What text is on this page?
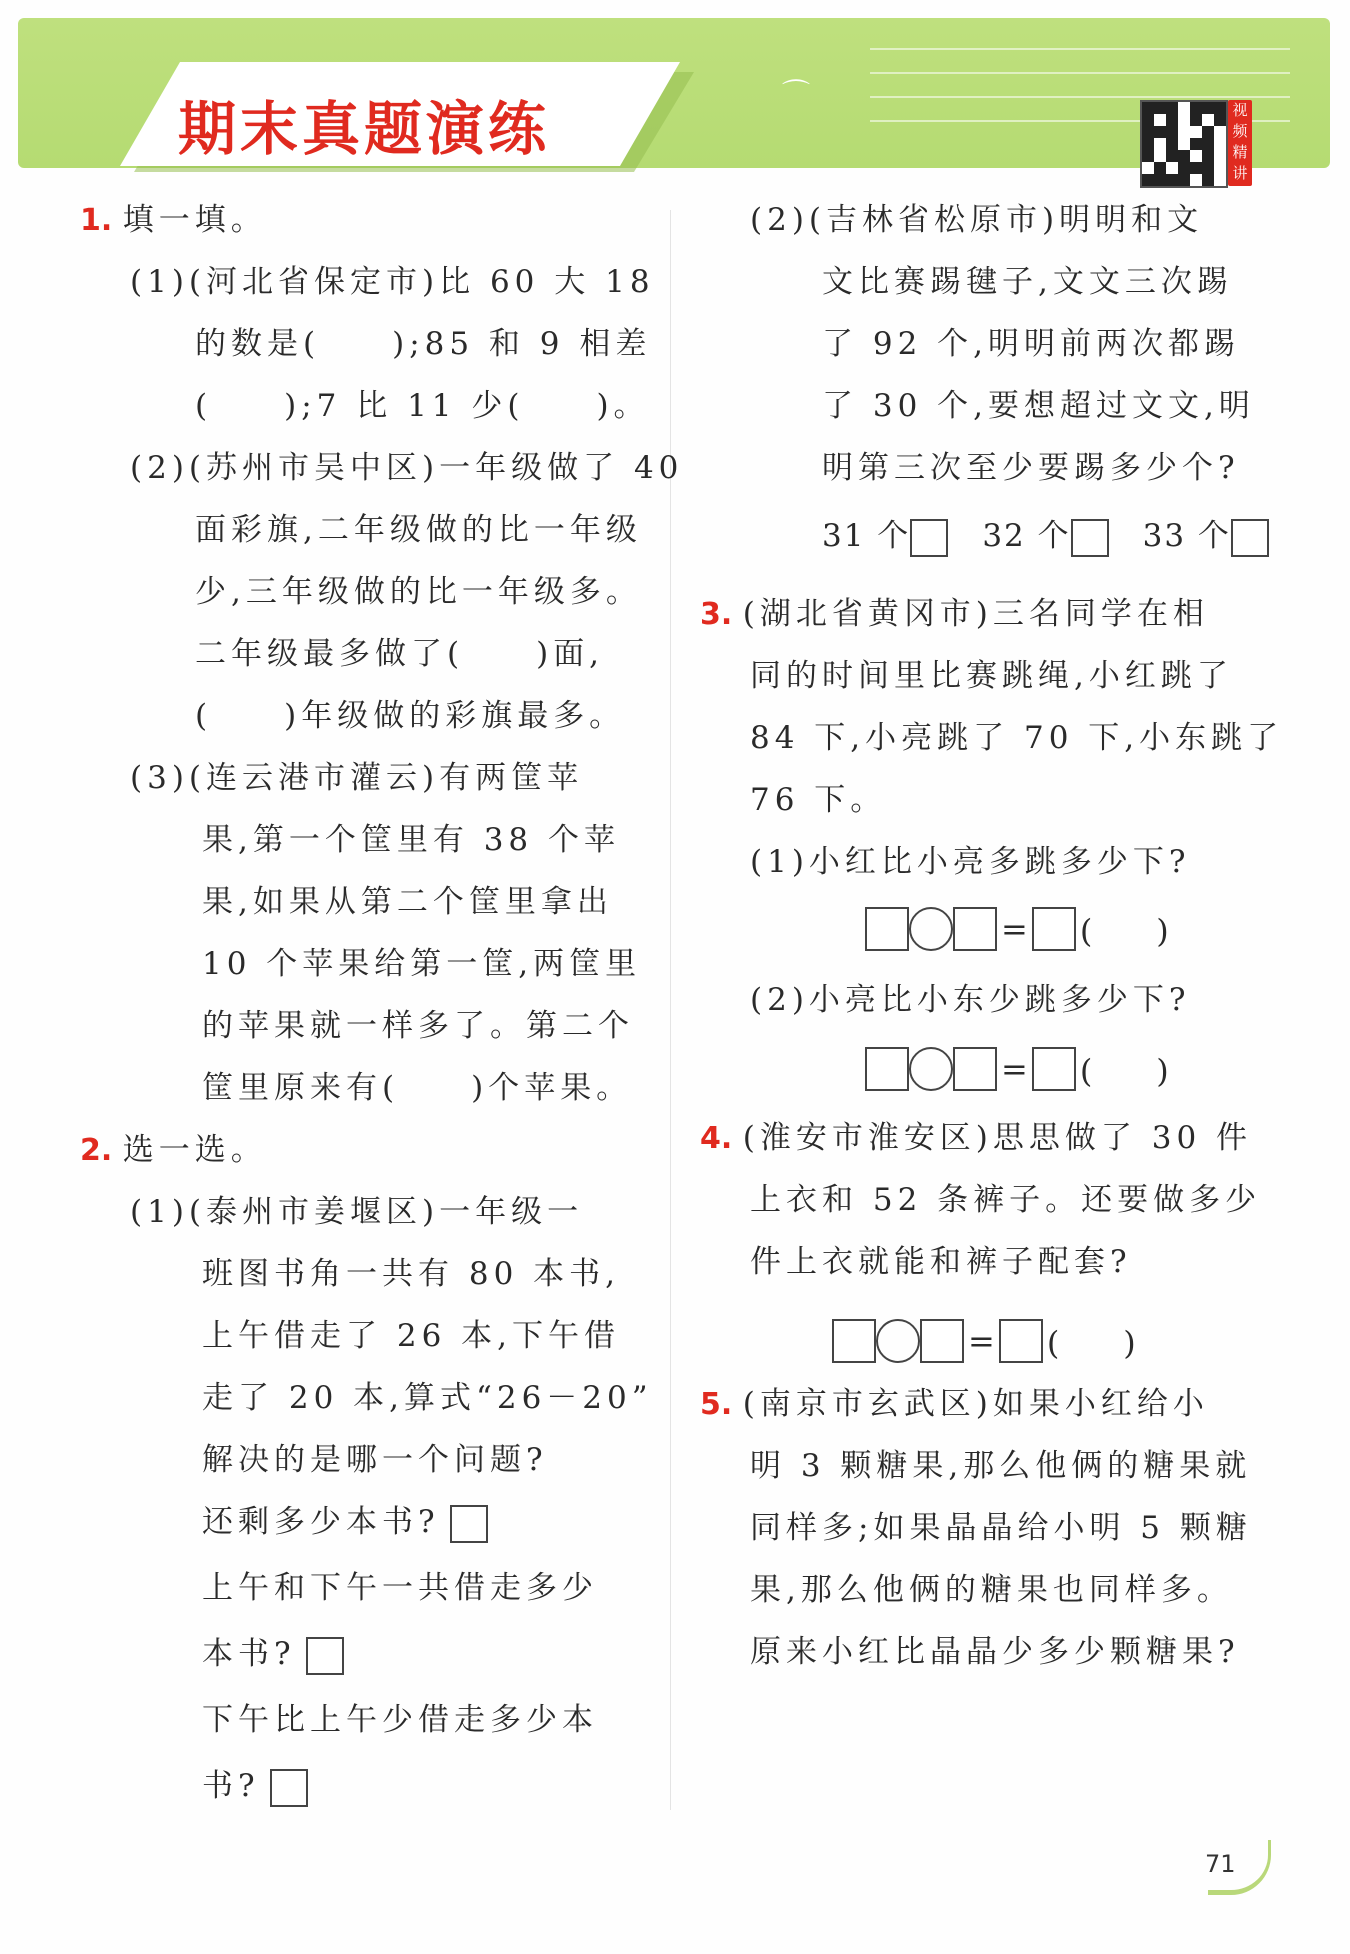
期末真题演练
⌒	视
频
精
讲
1. 填一填。
(1)(河北省保定市)比 60 大 18
的数是(　　);85 和 9 相差
(　　);7 比 11 少(　　)。
(2)(苏州市吴中区)一年级做了 40
面彩旗,二年级做的比一年级
少,三年级做的比一年级多。
二年级最多做了(　　)面,
(　　)年级做的彩旗最多。
(3)(连云港市灌云)有两筐苹
果,第一个筐里有 38 个苹
果,如果从第二个筐里拿出
10 个苹果给第一筐,两筐里
的苹果就一样多了。第二个
筐里原来有(　　)个苹果。
2. 选一选。
(1)(泰州市姜堰区)一年级一
班图书角一共有 80 本书,
上午借走了 26 本,下午借
走了 20 本,算式“26－20”
解决的是哪一个问题?
还剩多少本书?
上午和下午一共借走多少
本书?
下午比上午少借走多少本
书?
(2)(吉林省松原市)明明和文
文比赛踢毽子,文文三次踢
了 92 个,明明前两次都踢
了 30 个,要想超过文文,明
明第三次至少要踢多少个?
3. (湖北省黄冈市)三名同学在相
同的时间里比赛跳绳,小红跳了
84 下,小亮跳了 70 下,小东跳了
76 下。
(1)小红比小亮多跳多少下?
(2)小亮比小东少跳多少下?
4. (淮安市淮安区)思思做了 30 件
上衣和 52 条裤子。还要做多少
件上衣就能和裤子配套?
5. (南京市玄武区)如果小红给小
明 3 颗糖果,那么他俩的糖果就
同样多;如果晶晶给小明 5 颗糖
果,那么他俩的糖果也同样多。
原来小红比晶晶少多少颗糖果?
31 个 32 个 33 个
= (　　)
= (　　)
= (　　)
71
